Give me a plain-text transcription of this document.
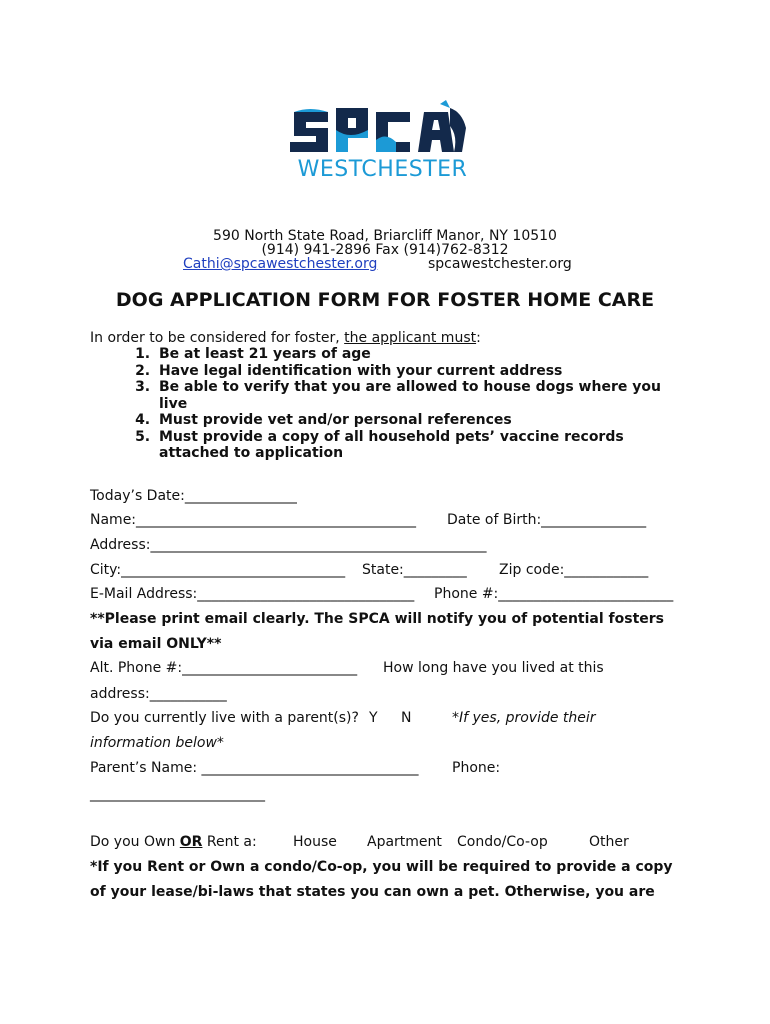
WESTCHESTER
590 North State Road, Briarcliff Manor, NY 10510
(914) 941-2896 Fax (914)762-8312
Cathi@spcawestchester.org	spcawestchester.org
DOG APPLICATION FORM FOR FOSTER HOME CARE
In order to be considered for foster, the applicant must:
1. Be at least 21 years of age
2. Have legal identification with your current address
3. Be able to verify that you are allowed to house dogs where you live
4. Must provide vet and/or personal references
5. Must provide a copy of all household pets’ vaccine records attached to application
Today’s Date:________________
Name:________________________________________ Date of Birth:_______________
Address:________________________________________________
City:________________________________ State:_________ Zip code:____________
E-Mail Address:_______________________________ Phone #:_________________________
**Please print email clearly. The SPCA will notify you of potential fosters
via email ONLY**
Alt. Phone #:_________________________ How long have you lived at this
address:___________
Do you currently live with a parent(s)? Y N	*If yes, provide their
information below*
Parent’s Name: _______________________________ Phone:
_________________________
Do you Own OR Rent a:	House Apartment Condo/Co-op	Other
*If you Rent or Own a condo/Co-op, you will be required to provide a copy
of your lease/bi-laws that states you can own a pet. Otherwise, you are
